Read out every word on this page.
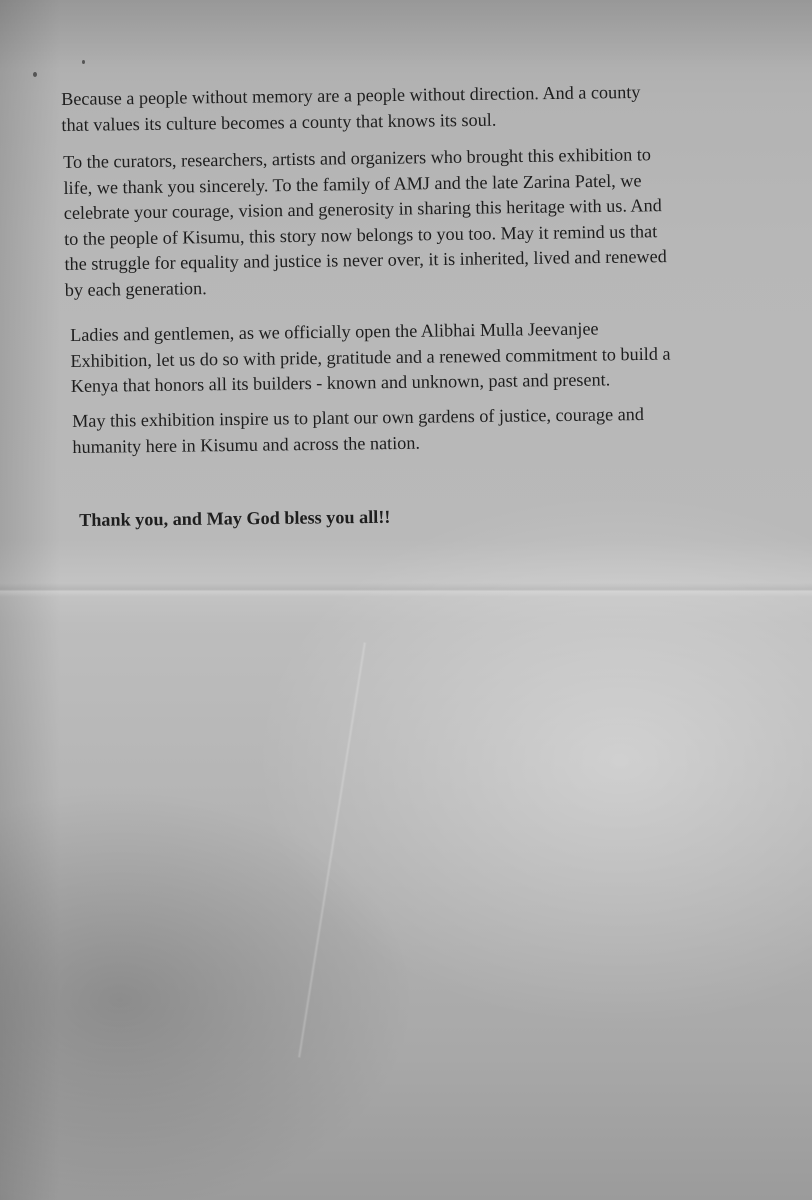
Because a people without memory are a people without direction. And a county
that values its culture becomes a county that knows its soul.

To the curators, researchers, artists and organizers who brought this exhibition to
life, we thank you sincerely. To the family of AMJ and the late Zarina Patel, we
celebrate your courage, vision and generosity in sharing this heritage with us. And
to the people of Kisumu, this story now belongs to you too. May it remind us that
the struggle for equality and justice is never over, it is inherited, lived and renewed
by each generation.

Ladies and gentlemen, as we officially open the Alibhai Mulla Jeevanjee
Exhibition, let us do so with pride, gratitude and a renewed commitment to build a
Kenya that honors all its builders - known and unknown, past and present.

May this exhibition inspire us to plant our own gardens of justice, courage and
humanity here in Kisumu and across the nation.

Thank you, and May God bless you all!!
